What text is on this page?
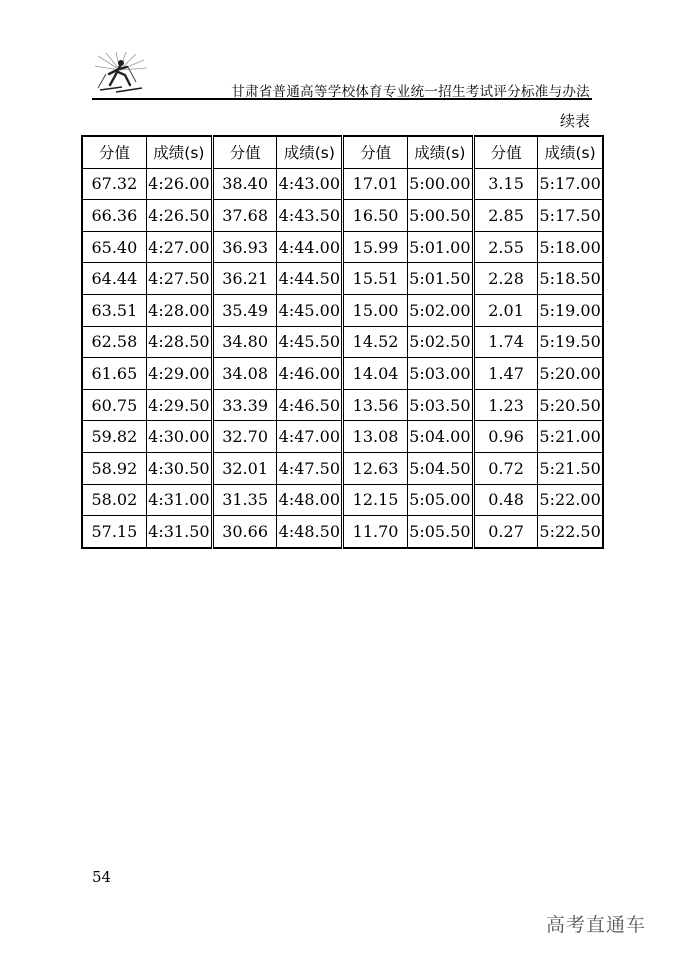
甘肃省普通高等学校体育专业统一招生考试评分标准与办法
续表
分值	成绩(s)	分值	成绩(s)	分值	成绩(s)	分值	成绩(s)
67.32	4:26.00	38.40	4:43.00	17.01	5:00.00	3.15	5:17.00
66.36	4:26.50	37.68	4:43.50	16.50	5:00.50	2.85	5:17.50
65.40	4:27.00	36.93	4:44.00	15.99	5:01.00	2.55	5:18.00
64.44	4:27.50	36.21	4:44.50	15.51	5:01.50	2.28	5:18.50
63.51	4:28.00	35.49	4:45.00	15.00	5:02.00	2.01	5:19.00
62.58	4:28.50	34.80	4:45.50	14.52	5:02.50	1.74	5:19.50
61.65	4:29.00	34.08	4:46.00	14.04	5:03.00	1.47	5:20.00
60.75	4:29.50	33.39	4:46.50	13.56	5:03.50	1.23	5:20.50
59.82	4:30.00	32.70	4:47.00	13.08	5:04.00	0.96	5:21.00
58.92	4:30.50	32.01	4:47.50	12.63	5:04.50	0.72	5:21.50
58.02	4:31.00	31.35	4:48.00	12.15	5:05.00	0.48	5:22.00
57.15	4:31.50	30.66	4:48.50	11.70	5:05.50	0.27	5:22.50
54
高考直通车
